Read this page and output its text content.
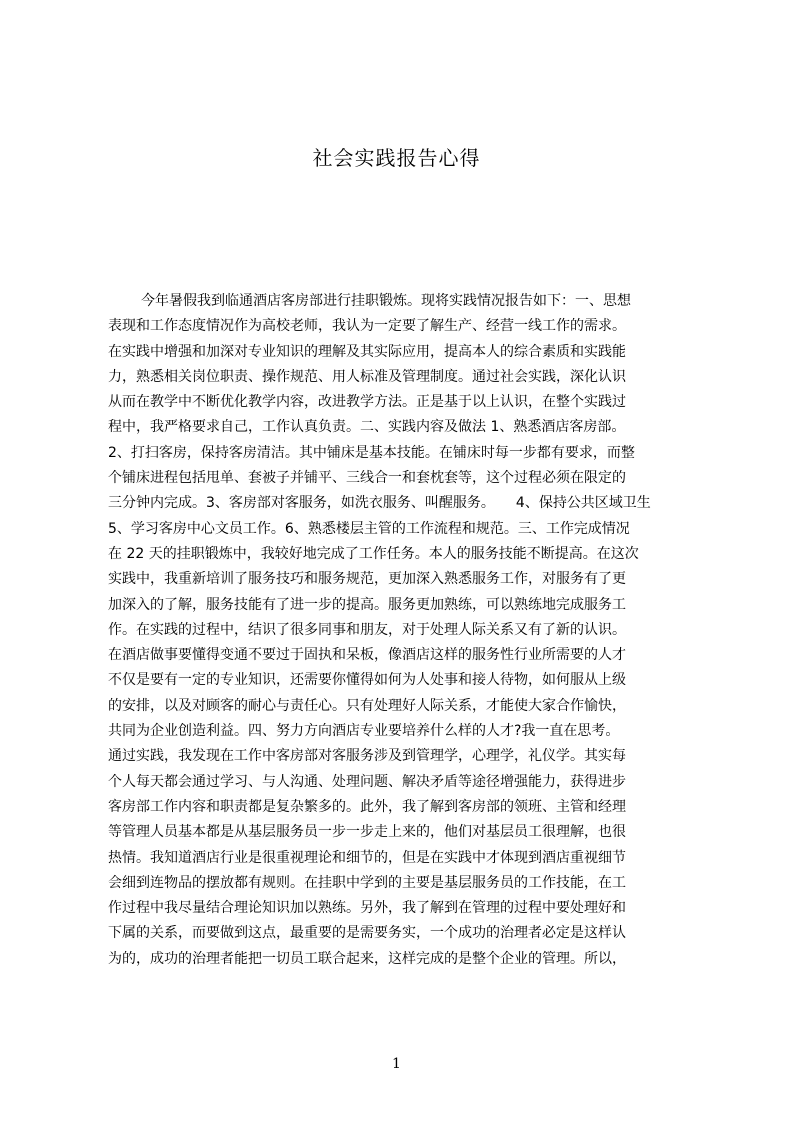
社会实践报告心得
今年暑假我到临通酒店客房部进行挂职锻炼。现将实践情况报告如下：一、思想
表现和工作态度情况作为高校老师，我认为一定要了解生产、经营一线工作的需求。
在实践中增强和加深对专业知识的理解及其实际应用，提高本人的综合素质和实践能
力，熟悉相关岗位职责、操作规范、用人标准及管理制度。通过社会实践，深化认识
从而在教学中不断优化教学内容，改进教学方法。正是基于以上认识，在整个实践过
程中，我严格要求自己，工作认真负责。二、实践内容及做法 1、熟悉酒店客房部。
2、打扫客房，保持客房清洁。其中铺床是基本技能。在铺床时每一步都有要求，而整
个铺床进程包括甩单、套被子并铺平、三线合一和套枕套等，这个过程必须在限定的
三分钟内完成。3、客房部对客服务，如洗衣服务、叫醒服务。　　4、保持公共区域卫生
5、学习客房中心文员工作。6、熟悉楼层主管的工作流程和规范。三、工作完成情况
在 22 天的挂职锻炼中，我较好地完成了工作任务。本人的服务技能不断提高。在这次
实践中，我重新培训了服务技巧和服务规范，更加深入熟悉服务工作，对服务有了更
加深入的了解，服务技能有了进一步的提高。服务更加熟练，可以熟练地完成服务工
作。在实践的过程中，结识了很多同事和朋友，对于处理人际关系又有了新的认识。
在酒店做事要懂得变通不要过于固执和呆板，像酒店这样的服务性行业所需要的人才
不仅是要有一定的专业知识，还需要你懂得如何为人处事和接人待物，如何服从上级
的安排，以及对顾客的耐心与责任心。只有处理好人际关系，才能使大家合作愉快，
共同为企业创造利益。四、努力方向酒店专业要培养什么样的人才?我一直在思考。
通过实践，我发现在工作中客房部对客服务涉及到管理学，心理学，礼仪学。其实每
个人每天都会通过学习、与人沟通、处理问题、解决矛盾等途径增强能力，获得进步
客房部工作内容和职责都是复杂繁多的。此外，我了解到客房部的领班、主管和经理
等管理人员基本都是从基层服务员一步一步走上来的，他们对基层员工很理解，也很
热情。我知道酒店行业是很重视理论和细节的，但是在实践中才体现到酒店重视细节
会细到连物品的摆放都有规则。在挂职中学到的主要是基层服务员的工作技能，在工
作过程中我尽量结合理论知识加以熟练。另外，我了解到在管理的过程中要处理好和
下属的关系，而要做到这点，最重要的是需要务实，一个成功的治理者必定是这样认
为的，成功的治理者能把一切员工联合起来，这样完成的是整个企业的管理。所以，
1
